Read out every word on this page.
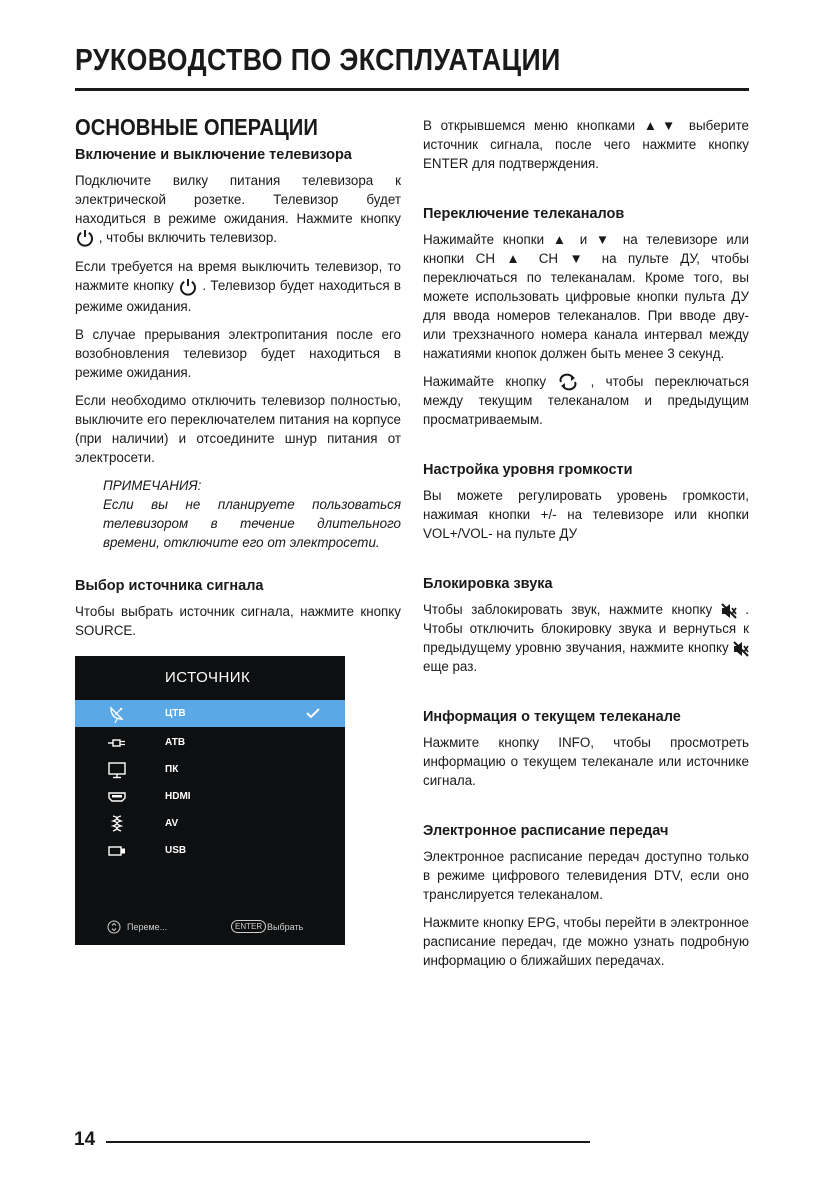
РУКОВОДСТВО ПО ЭКСПЛУАТАЦИИ
ОСНОВНЫЕ ОПЕРАЦИИ
Включение и выключение телевизора

Подключите вилку питания телевизора к электрической розетке. Телевизор будет находиться в режиме ожидания. Нажмите кнопку
, чтобы включить телевизор.

Если требуется на время выключить телевизор, то нажмите кнопку . Телевизор будет находиться в режиме ожидания.

В случае прерывания электропитания после его возобновления телевизор будет находиться в режиме ожидания.

Если необходимо отключить телевизор полностью, выключите его переключателем питания на корпусе (при наличии) и отсоедините шнур питания от электросети.

ПРИМЕЧАНИЯ:

Если вы не планируете пользоваться телевизором в течение длительного времени, отключите его от электросети.

Выбор источника сигнала

Чтобы выбрать источник сигнала, нажмите кнопку SOURCE.

ИСТОЧНИК
ЦТВ
АТВ
ПК
HDMI
AV
USB
Переме...	ENTER Выбрать

В открывшемся меню кнопками ▲▼ выберите источник сигнала, после чего нажмите кнопку ENTER для подтверждения.

Переключение телеканалов

Нажимайте кнопки ▲ и ▼ на телевизоре или кнопки CH ▲ CH ▼ на пульте ДУ, чтобы переключаться по телеканалам. Кроме того, вы можете использовать цифровые кнопки пульта ДУ для ввода номеров телеканалов. При вводе дву- или трехзначного номера канала интервал между нажатиями кнопок должен быть менее 3 секунд.

Нажимайте кнопку	, чтобы переключаться между текущим телеканалом и предыдущим просматриваемым.

Настройка уровня громкости

Вы можете регулировать уровень громкости, нажимая кнопки +/- на телевизоре или кнопки VOL+/VOL- на пульте ДУ

Блокировка звука

Чтобы заблокировать звук, нажмите кнопку . Чтобы отключить блокировку звука и вернуться к предыдущему уровню звучания, нажмите кнопку
еще раз.

Информация о текущем телеканале

Нажмите кнопку INFO, чтобы просмотреть информацию о текущем телеканале или источнике сигнала.

Электронное расписание передач

Электронное расписание передач доступно только в режиме цифрового телевидения DTV, если оно транслируется телеканалом.

Нажмите кнопку EPG, чтобы перейти в электронное расписание передач, где можно узнать подробную информацию о ближайших передачах.

14
